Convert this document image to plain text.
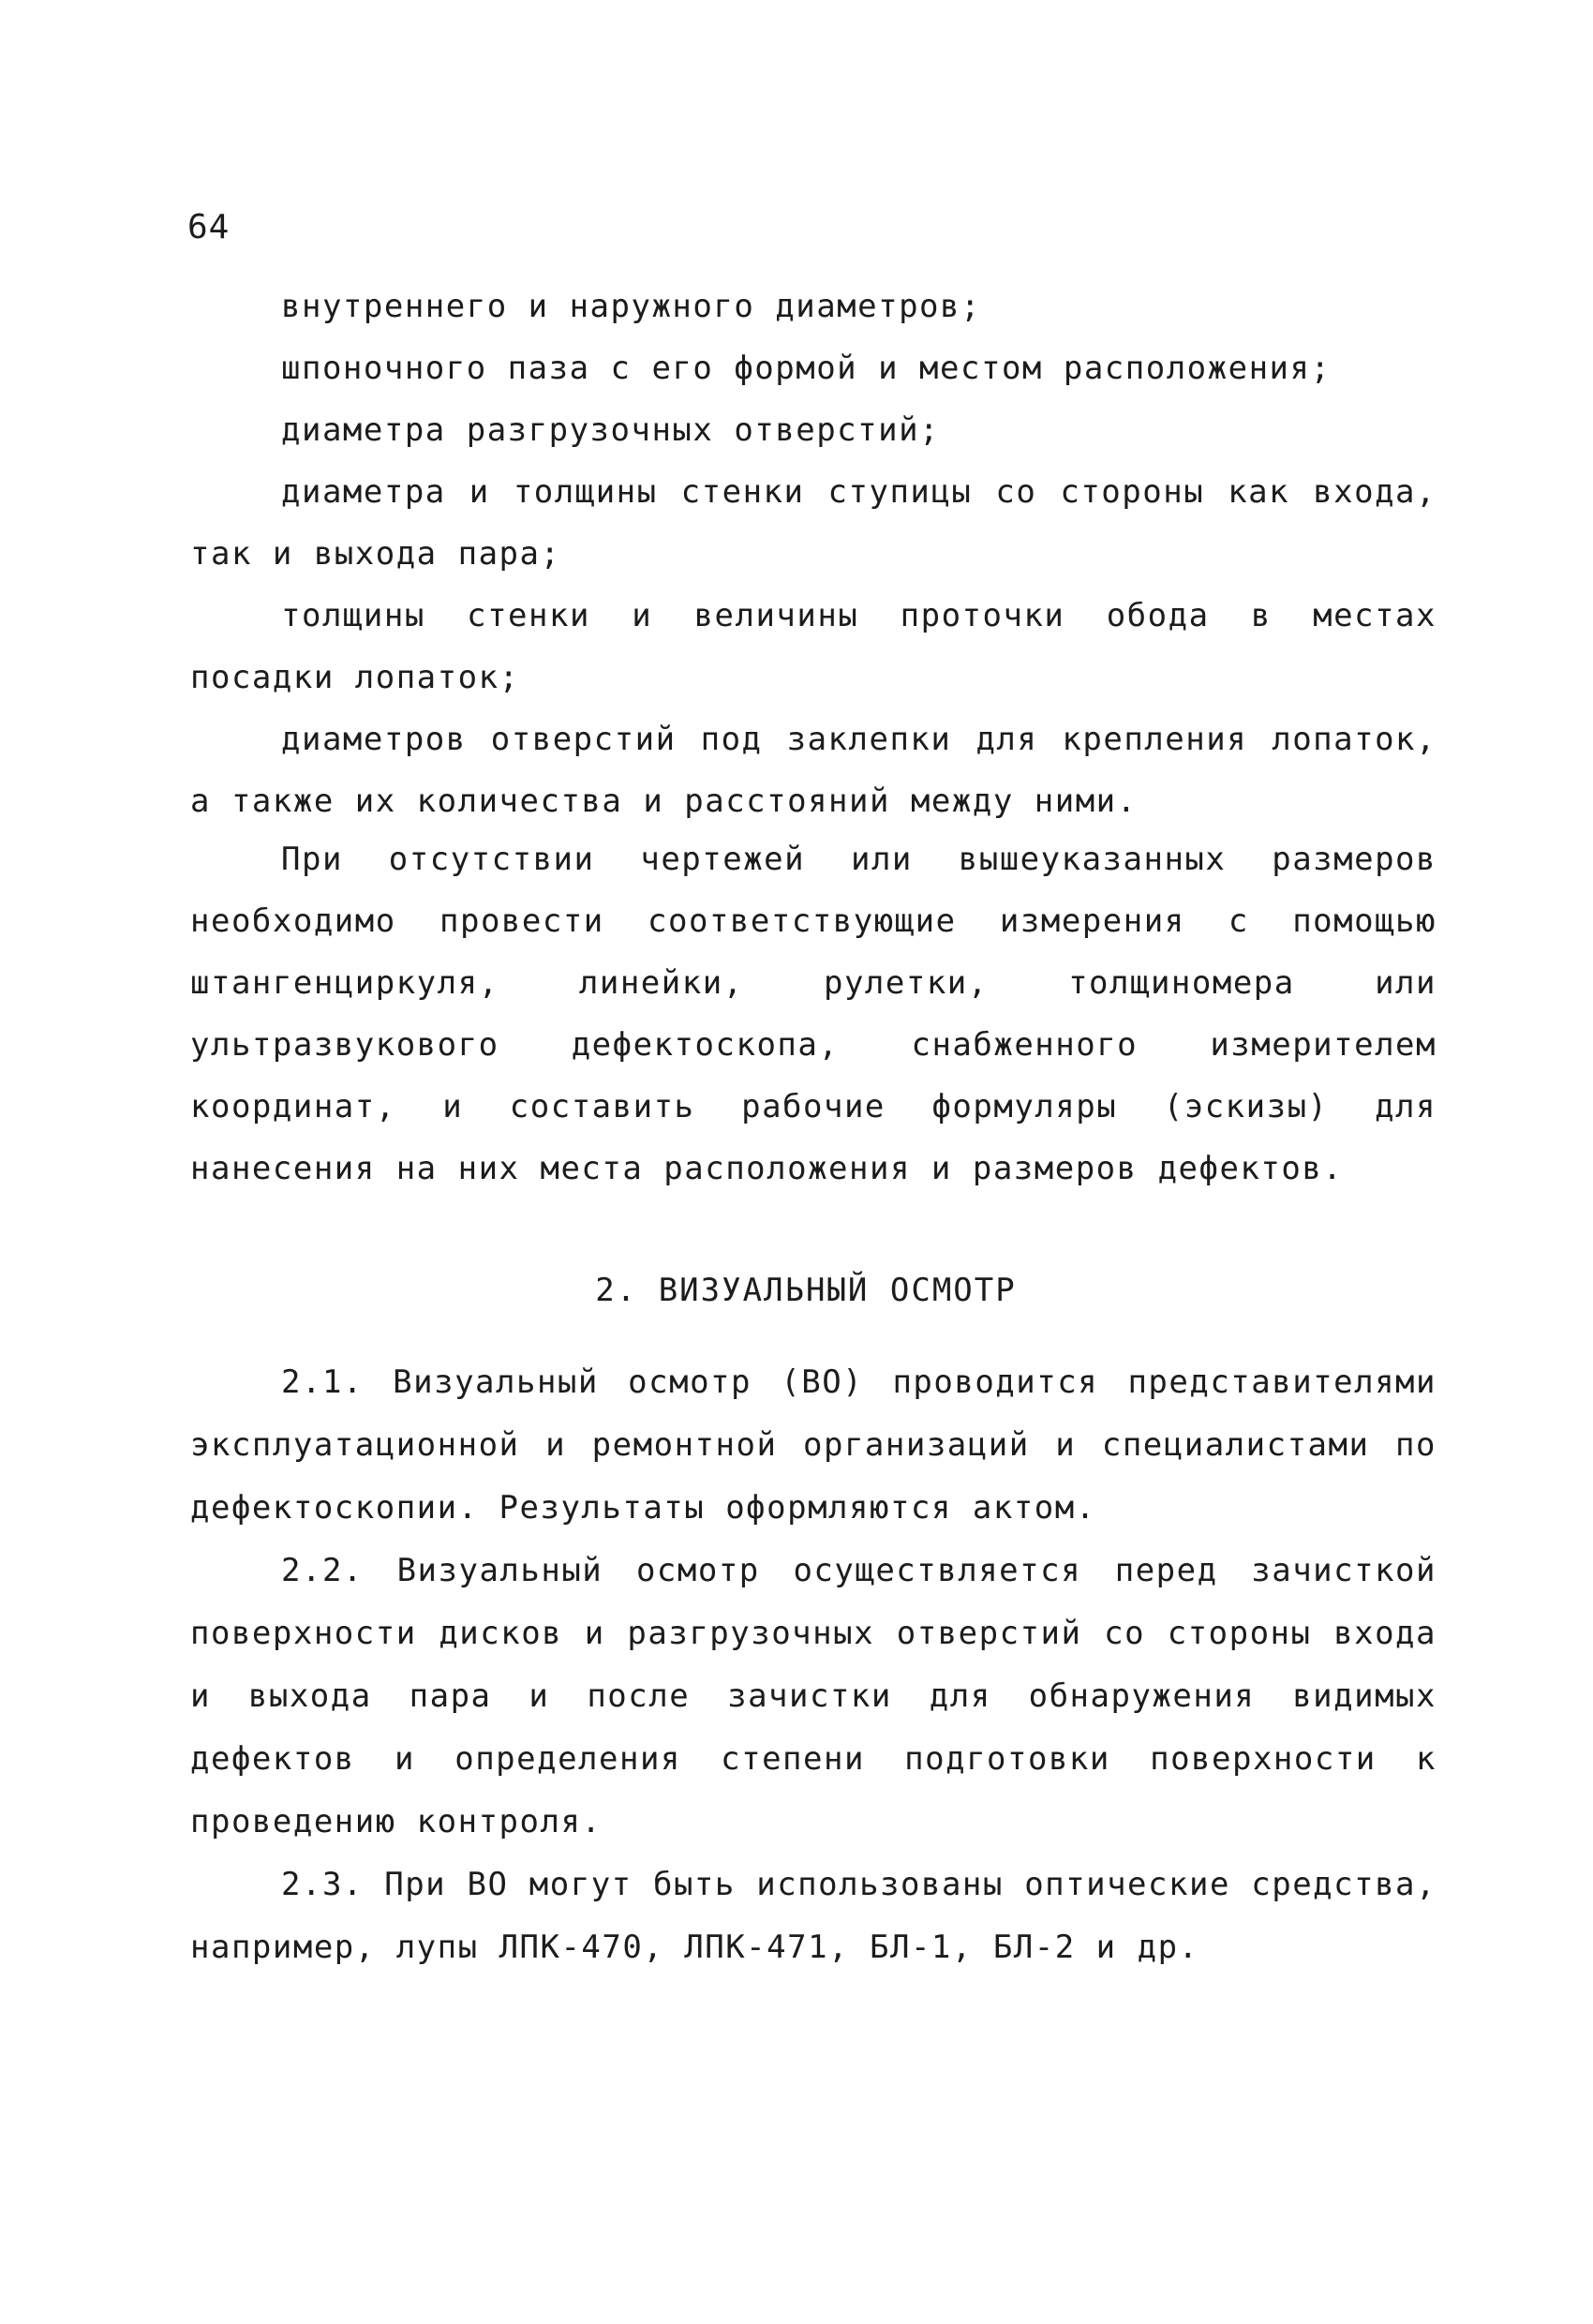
64

внутреннего и наружного диаметров;

шпоночного паза с его формой и местом расположения;

диаметра разгрузочных отверстий;

диаметра и толщины стенки ступицы со стороны как входа, так и выхода пара;

толщины стенки и величины проточки обода в местах посадки лопаток;

диаметров отверстий под заклепки для крепления лопаток, а также их количества и расстояний между ними.

При отсутствии чертежей или вышеуказанных размеров необходимо провести соответствующие измерения с помощью штангенциркуля, линейки, рулетки, толщиномера или ультразвукового дефектоскопа, снабженного измерителем координат, и составить рабочие формуляры (эскизы) для нанесения на них места расположения и размеров дефектов.

2. ВИЗУАЛЬНЫЙ ОСМОТР

2.1. Визуальный осмотр (ВО) проводится представителями эксплуатационной и ремонтной организаций и специалистами по дефектоскопии. Результаты оформляются актом.

2.2. Визуальный осмотр осуществляется перед зачисткой поверхности дисков и разгрузочных отверстий со стороны входа и выхода пара и после зачистки для обнаружения видимых дефектов и определения степени подготовки поверхности к проведению контроля.

2.3. При ВО могут быть использованы оптические средства, например, лупы ЛПК-470, ЛПК-471, БЛ-1, БЛ-2 и др.
